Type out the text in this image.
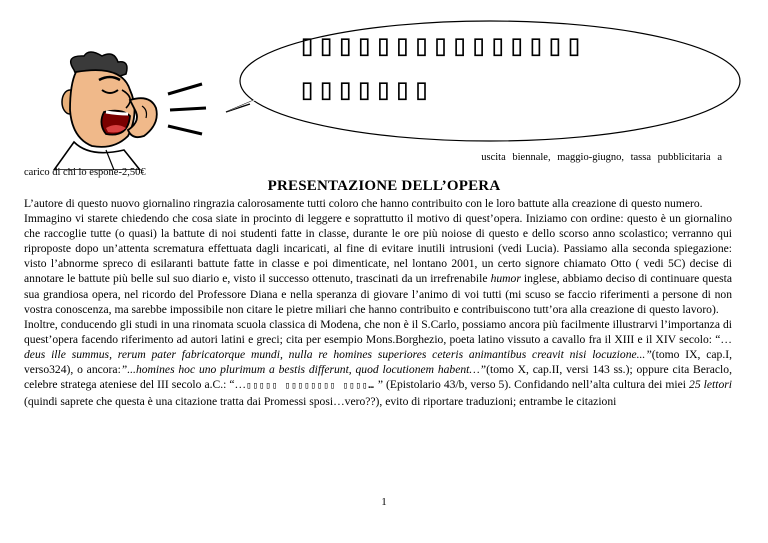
▯▯▯▯▯▯▯▯▯▯▯▯▯▯▯
▯▯▯▯▯▯▯
uscita biennale, maggio-giugno, tassa pubblicitaria a
carico di chi lo espone-2,50€
PRESENTAZIONE DELL’OPERA

L’autore di questo nuovo giornalino ringrazia calorosamente tutti coloro che hanno contribuito con le loro battute alla creazione di questo numero.

Immagino vi starete chiedendo che cosa siate in procinto di leggere e soprattutto il motivo di quest’opera. Iniziamo con ordine: questo è un giornalino che raccoglie tutte (o quasi) la battute di noi studenti fatte in classe, durante le ore più noiose di questo e dello scorso anno scolastico; verranno qui riproposte dopo un’attenta scrematura effettuata dagli incaricati, al fine di evitare inutili intrusioni (vedi Lucia). Passiamo alla seconda spiegazione: visto l’abnorme spreco di esilaranti battute fatte in classe e poi dimenticate, nel lontano 2001, un certo signore chiamato Otto ( vedi 5C) decise di annotare le battute più belle sul suo diario e, visto il successo ottenuto, trascinati da un irrefrenabile humor inglese, abbiamo deciso di continuare questa sua grandiosa opera, nel ricordo del Professore Diana e nella speranza di giovare l’animo di voi tutti (mi scuso se faccio riferimenti a persone di non vostra conoscenza, ma sarebbe impossibile non citare le pietre miliari che hanno contribuito e contribuiscono tutt’ora alla creazione di questo lavoro).

Inoltre, conducendo gli studi in una rinomata scuola classica di Modena, che non è il S.Carlo, possiamo ancora più facilmente illustrarvi l’importanza di quest’opera facendo riferimento ad autori latini e greci; cita per esempio Mons.Borghezio, poeta latino vissuto a cavallo fra il XIII e il XIV secolo: “…deus ille summus, rerum pater fabricatorque mundi, nulla re homines superiores ceteris animantibus creavit nisi locuzione...”(tomo IX, cap.I, verso324), o ancora:”...homines hoc uno plurimum a bestis differunt, quod locutionem habent…”(tomo X, cap.II, versi 143 ss.); oppure cita Beraclo, celebre stratega ateniese del III secolo a.C.: “…▯▯▯▯▯ ▯▯▯▯▯▯▯▯ ▯▯▯▯… ” (Epistolario 43/b, verso 5). Confidando nell’alta cultura dei miei 25 lettori (quindi saprete che questa è una citazione tratta dai Promessi sposi…vero??), evito di riportare traduzioni; entrambe le citazioni

1
